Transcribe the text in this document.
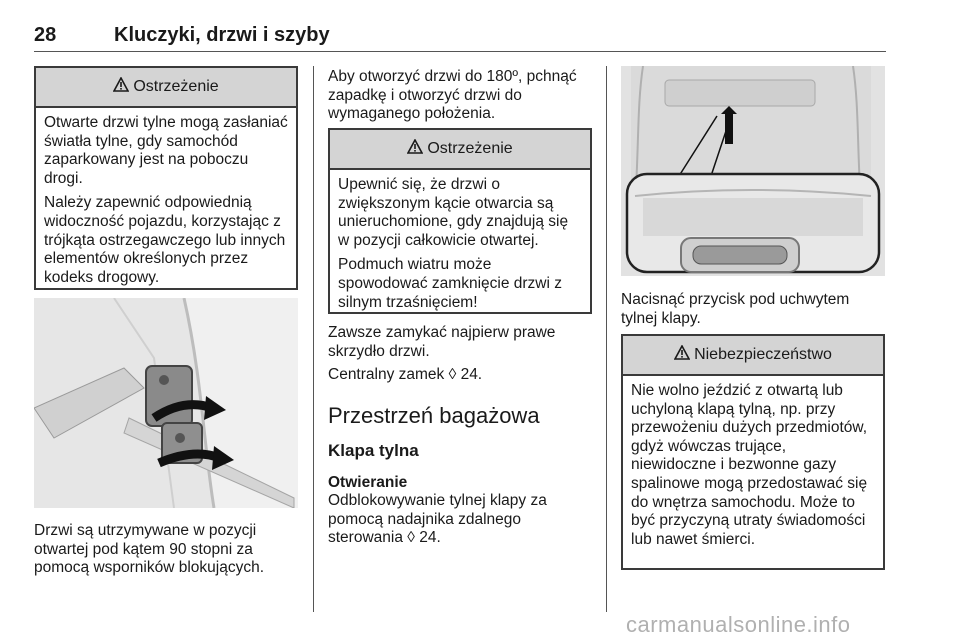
28	Kluczyki, drzwi i szyby
Ostrzeżenie

Otwarte drzwi tylne mogą zasłaniać światła tylne, gdy samochód zaparkowany jest na poboczu drogi.

Należy zapewnić odpowiednią widoczność pojazdu, korzystając z trójkąta ostrzegawczego lub innych elementów określonych przez kodeks drogowy.

Drzwi są utrzymywane w pozycji otwartej pod kątem 90 stopni za pomocą wsporników blokujących.
Aby otworzyć drzwi do 180º, pchnąć zapadkę i otworzyć drzwi do wymaganego położenia.
Ostrzeżenie

Upewnić się, że drzwi o zwiększonym kącie otwarcia są unieruchomione, gdy znajdują się w pozycji całkowicie otwartej.

Podmuch wiatru może spowodować zamknięcie drzwi z silnym trzaśnięciem!

Zawsze zamykać najpierw prawe skrzydło drzwi.
Centralny zamek ◊ 24.
Przestrzeń bagażowa
Klapa tylna
Otwieranie
Odblokowywanie tylnej klapy za pomocą nadajnika zdalnego sterowania ◊ 24.
Nacisnąć przycisk pod uchwytem tylnej klapy.
Niebezpieczeństwo

Nie wolno jeździć z otwartą lub uchyloną klapą tylną, np. przy przewożeniu dużych przedmiotów, gdyż wówczas trujące, niewidoczne i bezwonne gazy spalinowe mogą przedostawać się do wnętrza samochodu. Może to być przyczyną utraty świadomości lub nawet śmierci.

carmanualsonline.info
